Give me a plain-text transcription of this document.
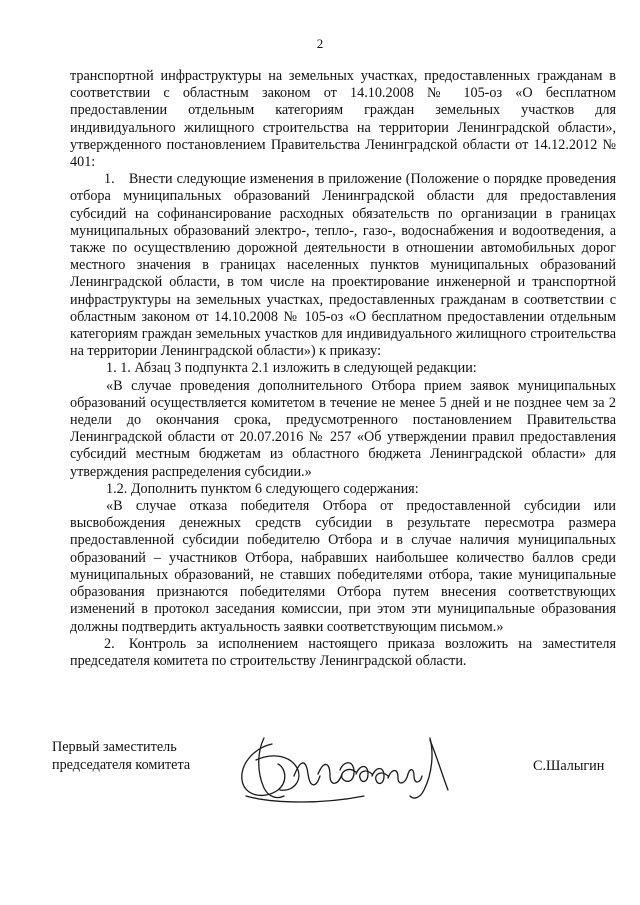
2

транспортной инфраструктуры на земельных участках, предоставленных гражданам в соответствии с областным законом от 14.10.2008 № 105-оз «О бесплатном предоставлении отдельным категориям граждан земельных участков для индивидуального жилищного строительства на территории Ленинградской области», утвержденного постановлением Правительства Ленинградской области от 14.12.2012 № 401:

1. Внести следующие изменения в приложение (Положение о порядке проведения отбора муниципальных образований Ленинградской области для предоставления субсидий на софинансирование расходных обязательств по организации в границах муниципальных образований электро-, тепло-, газо-, водоснабжения и водоотведения, а также по осуществлению дорожной деятельности в отношении автомобильных дорог местного значения в границах населенных пунктов муниципальных образований Ленинградской области, в том числе на проектирование инженерной и транспортной инфраструктуры на земельных участках, предоставленных гражданам в соответствии с областным законом от 14.10.2008 № 105-оз «О бесплатном предоставлении отдельным категориям граждан земельных участков для индивидуального жилищного строительства на территории Ленинградской области») к приказу:

1. 1. Абзац 3 подпункта 2.1 изложить в следующей редакции:

«В случае проведения дополнительного Отбора прием заявок муниципальных образований осуществляется комитетом в течение не менее 5 дней и не позднее чем за 2 недели до окончания срока, предусмотренного постановлением Правительства Ленинградской области от 20.07.2016 № 257 «Об утверждении правил предоставления субсидий местным бюджетам из областного бюджета Ленинградской области» для утверждения распределения субсидии.»

1.2. Дополнить пунктом 6 следующего содержания:

«В случае отказа победителя Отбора от предоставленной субсидии или высвобождения денежных средств субсидии в результате пересмотра размера предоставленной субсидии победителю Отбора и в случае наличия муниципальных образований – участников Отбора, набравших наибольшее количество баллов среди муниципальных образований, не ставших победителями отбора, такие муниципальные образования признаются победителями Отбора путем внесения соответствующих изменений в протокол заседания комиссии, при этом эти муниципальные образования должны подтвердить актуальность заявки соответствующим письмом.»

2. Контроль за исполнением настоящего приказа возложить на заместителя председателя комитета по строительству Ленинградской области.

Первый заместитель
председателя комитета	С.Шалыгин
